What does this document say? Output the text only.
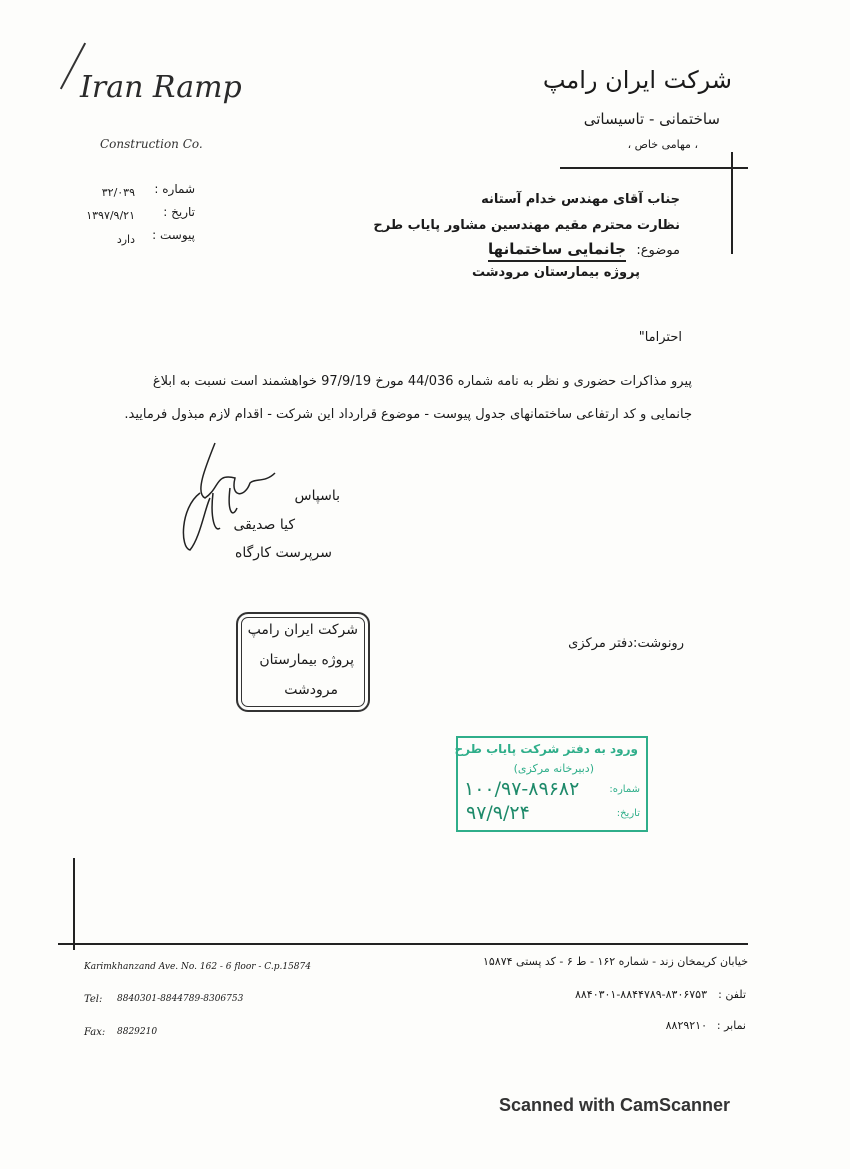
Iran Ramp
Construction Co.
شرکت ایران رامپ
ساختمانی - تاسیساتی
، مهامی خاص ،
شماره :
۳۲/۰۳۹
تاریخ :
۱۳۹۷/۹/۲۱
پیوست :
دارد
جناب آقای مهندس خدام آستانه
نظارت محترم مقیم مهندسین مشاور پایاب طرح
موضوع:
جانمایی ساختمانها
پروژه بیمارستان مرودشت
احتراما"
پیرو مذاکرات حضوری و نظر به نامه شماره 44/036 مورخ 97/9/19 خواهشمند است نسبت به ابلاغ
جانمایی و کد ارتفاعی ساختمانهای جدول پیوست - موضوع قرارداد این شرکت - اقدام لازم مبذول فرمایید.
باسپاس
کیا صدیقی
سرپرست کارگاه
شرکت ایران رامپ
پروژه بیمارستان
مرودشت
رونوشت:دفتر مرکزی
ورود به دفتر شرکت پایاب طرح
(دبیرخانه مرکزی)
شماره:
۱۰۰/۹۷-۸۹۶۸۲
تاریخ:
۹۷/۹/۲۴
Karimkhanzand Ave. No. 162 - 6 floor - C.p.15874
Tel: 8840301-8844789-8306753
Fax: 8829210
خیابان کریمخان زند - شماره ۱۶۲ - ط ۶ - کد پستی ۱۵۸۷۴
تلفن :
۸۸۴۰۳۰۱-۸۸۴۴۷۸۹-۸۳۰۶۷۵۳
نمابر :
۸۸۲۹۲۱۰
Scanned with CamScanner
